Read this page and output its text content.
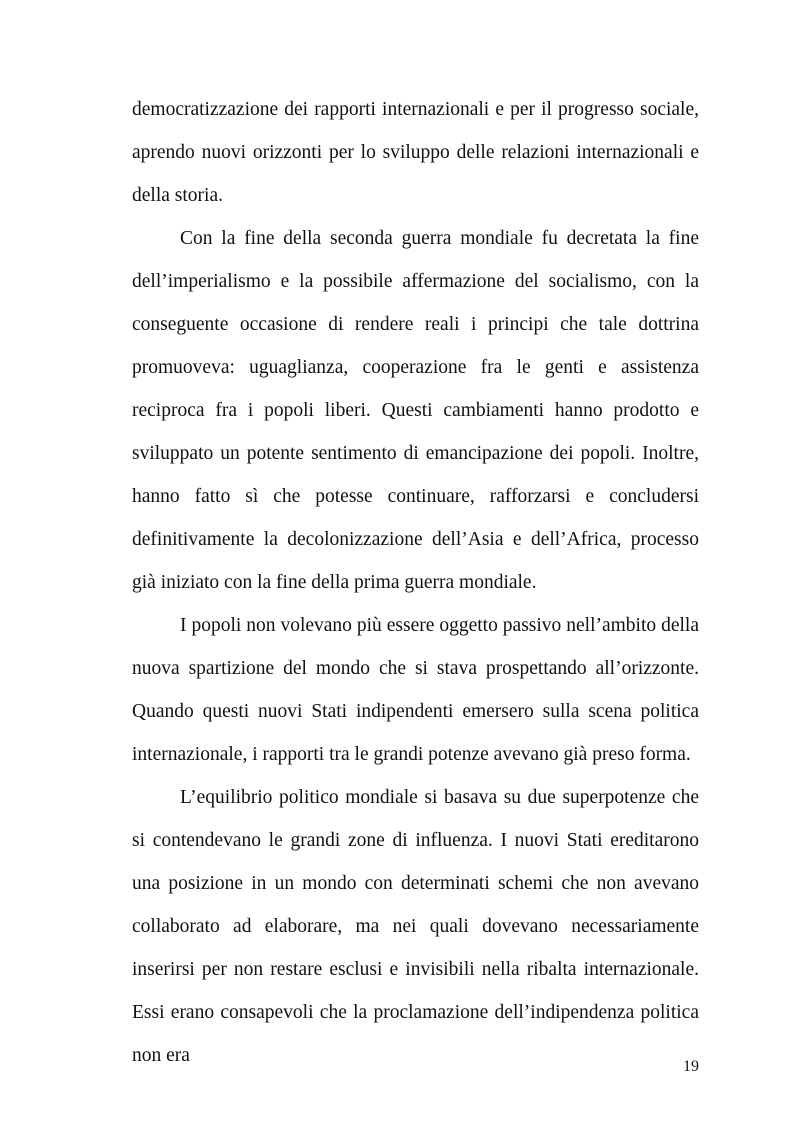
democratizzazione dei rapporti internazionali e per il progresso sociale, aprendo nuovi orizzonti per lo sviluppo delle relazioni internazionali e della storia.

Con la fine della seconda guerra mondiale fu decretata la fine dell’imperialismo e la possibile affermazione del socialismo, con la conseguente occasione di rendere reali i principi che tale dottrina promuoveva: uguaglianza, cooperazione fra le genti e assistenza reciproca fra i popoli liberi. Questi cambiamenti hanno prodotto e sviluppato un potente sentimento di emancipazione dei popoli. Inoltre, hanno fatto sì che potesse continuare, rafforzarsi e concludersi definitivamente la decolonizzazione dell’Asia e dell’Africa, processo già iniziato con la fine della prima guerra mondiale.

I popoli non volevano più essere oggetto passivo nell’ambito della nuova spartizione del mondo che si stava prospettando all’orizzonte. Quando questi nuovi Stati indipendenti emersero sulla scena politica internazionale, i rapporti tra le grandi potenze avevano già preso forma.

L’equilibrio politico mondiale si basava su due superpotenze che si contendevano le grandi zone di influenza. I nuovi Stati ereditarono una posizione in un mondo con determinati schemi che non avevano collaborato ad elaborare, ma nei quali dovevano necessariamente inserirsi per non restare esclusi e invisibili nella ribalta internazionale. Essi erano consapevoli che la proclamazione dell’indipendenza politica non era

19
